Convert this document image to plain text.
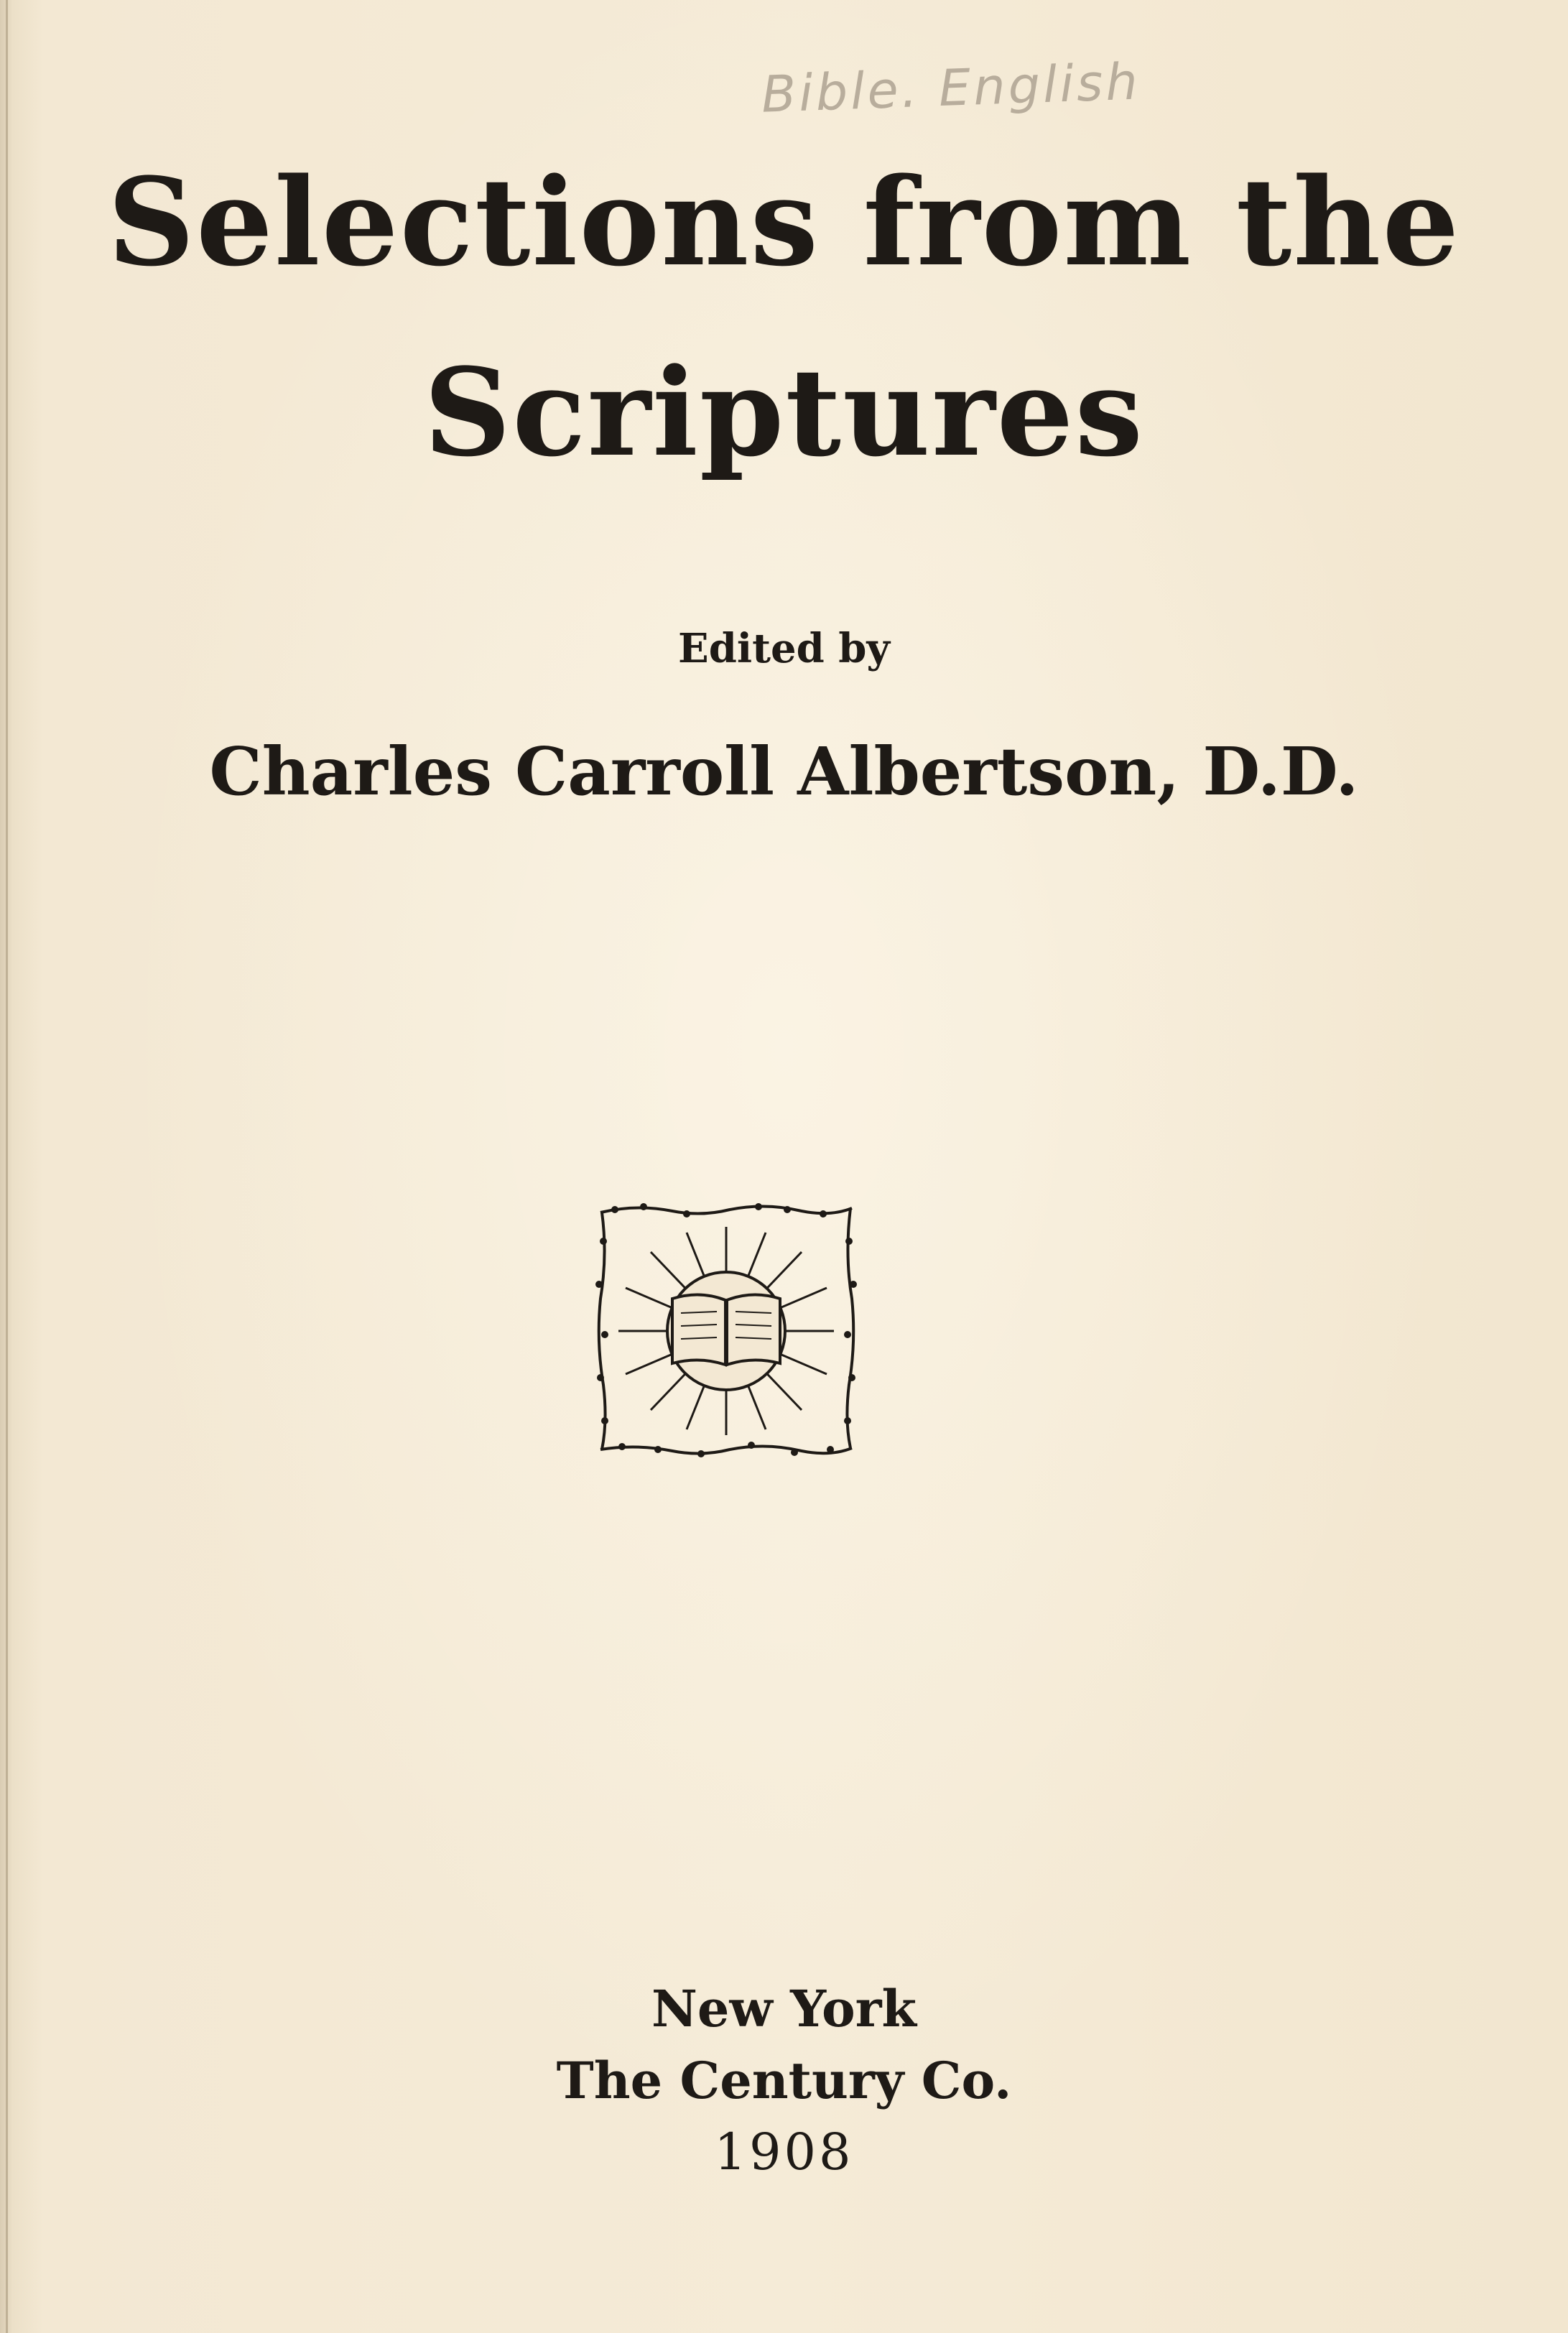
Bible. English
Selections from the
Scriptures
Edited by
Charles Carroll Albertson, D.D.
New York
The Century Co.
1908
